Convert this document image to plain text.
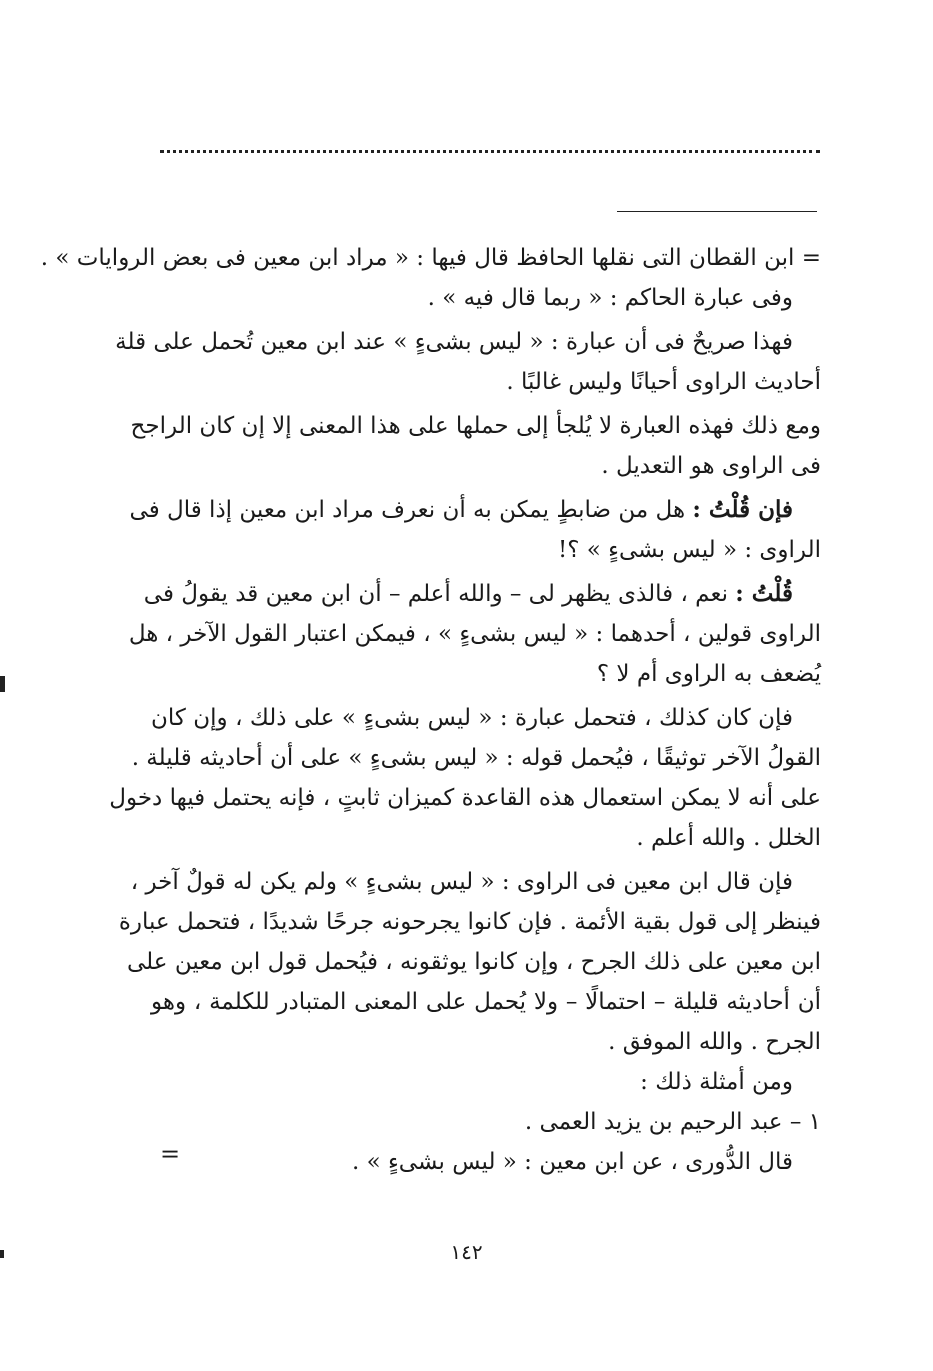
= ابن القطان التى نقلها الحافظ قال فيها : « مراد ابن معين فى بعض الروايات » .
وفى عبارة الحاكم : « ربما قال فيه » .

فهذا صريحٌ فى أن عبارة : « ليس بشىءٍ » عند ابن معين تُحمل على قلة
أحاديث الراوى أحيانًا وليس غالبًا .

ومع ذلك فهذه العبارة لا يُلجأ إلى حملها على هذا المعنى إلا إن كان الراجح
فى الراوى هو التعديل .

فإن قُلْتُ : هل من ضابطٍ يمكن به أن نعرف مراد ابن معين إذا قال فى
الراوى : « ليس بشىءٍ » ؟!

قُلْتُ : نعم ، فالذى يظهر لى – والله أعلم – أن ابن معين قد يقولُ فى
الراوى قولين ، أحدهما : « ليس بشىءٍ » ، فيمكن اعتبار القول الآخر ، هل
يُضعف به الراوى أم لا ؟

فإن كان كذلك ، فتحمل عبارة : « ليس بشىءٍ » على ذلك ، وإن كان
القولُ الآخر توثيقًا ، فيُحمل قوله : « ليس بشىءٍ » على أن أحاديثه قليلة .
على أنه لا يمكن استعمال هذه القاعدة كميزان ثابتٍ ، فإنه يحتمل فيها دخول
الخلل . والله أعلم .

فإن قال ابن معين فى الراوى : « ليس بشىءٍ » ولم يكن له قولٌ آخر ،
فينظر إلى قول بقية الأئمة . فإن كانوا يجرحونه جرحًا شديدًا ، فتحمل عبارة
ابن معين على ذلك الجرح ، وإن كانوا يوثقونه ، فيُحمل قول ابن معين على
أن أحاديثه قليلة – احتمالًا – ولا يُحمل على المعنى المتبادر للكلمة ، وهو
الجرح . والله الموفق .
ومن أمثلة ذلك :
١ – عبد الرحيم بن يزيد العمى .
قال الدُّورى ، عن ابن معين : « ليس بشىءٍ » .

=
١٤٢
